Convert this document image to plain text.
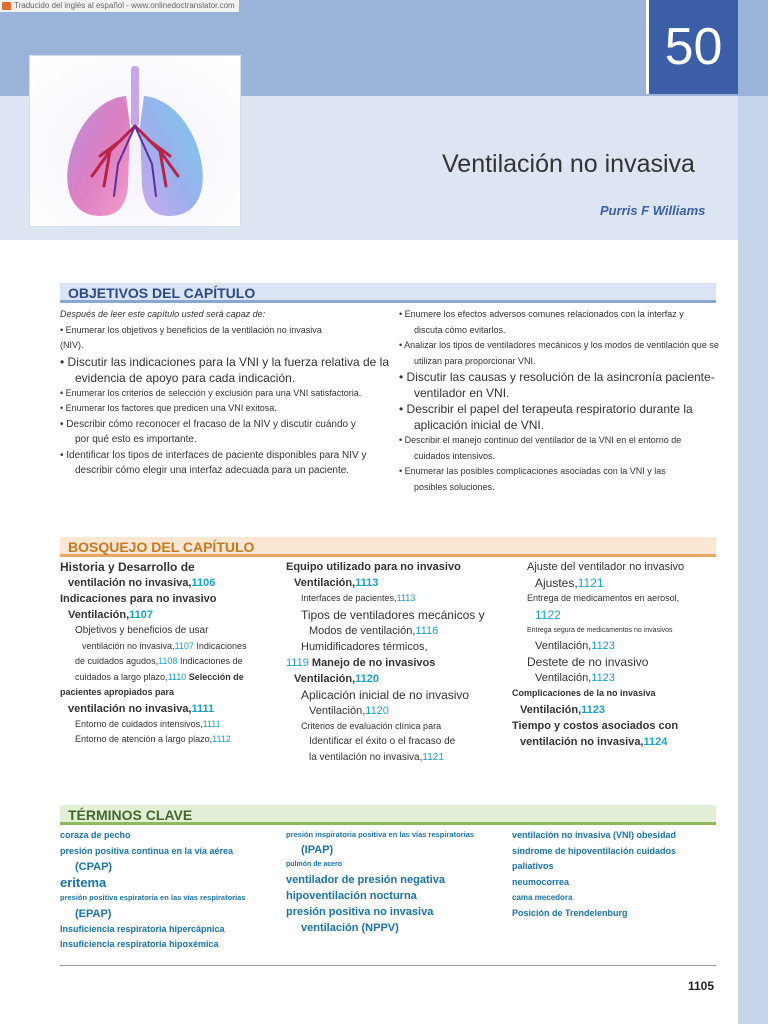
Traducido del inglés al español - www.onlinedoctranslator.com
50
Ventilación no invasiva
Purris F Williams
OBJETIVOS DEL CAPÍTULO
Después de leer este capítulo usted será capaz de:
• Enumerar los objetivos y beneficios de la ventilación no invasiva
(NIV).
• Discutir las indicaciones para la VNI y la fuerza relativa de la
evidencia de apoyo para cada indicación.
• Enumerar los criterios de selección y exclusión para una VNI satisfactoria.
• Enumerar los factores que predicen una VNI exitosa.
• Describir cómo reconocer el fracaso de la NIV y discutir cuándo y
por qué esto es importante.
• Identificar los tipos de interfaces de paciente disponibles para NIV y
describir cómo elegir una interfaz adecuada para un paciente.
• Enumere los efectos adversos comunes relacionados con la interfaz y
discuta cómo evitarlos.
• Analizar los tipos de ventiladores mecánicos y los modos de ventilación que se
utilizan para proporcionar VNI.
• Discutir las causas y resolución de la asincronía paciente-
ventilador en VNI.
• Describir el papel del terapeuta respiratorio durante la
aplicación inicial de VNI.
• Describir el manejo continuo del ventilador de la VNI en el entorno de
cuidados intensivos.
• Enumerar las posibles complicaciones asociadas con la VNI y las
posibles soluciones.
BOSQUEJO DEL CAPÍTULO
Historia y Desarrollo de
ventilación no invasiva,1106
Indicaciones para no invasivo
Ventilación,1107
Objetivos y beneficios de usar
ventilación no invasiva,1107 Indicaciones
de cuidados agudos,1108 Indicaciones de
cuidados a largo plazo,1110 Selección de
pacientes apropiados para
ventilación no invasiva,1111
Entorno de cuidados intensivos,1111
Entorno de atención a largo plazo,1112
Equipo utilizado para no invasivo
Ventilación,1113
Interfaces de pacientes,1113
Tipos de ventiladores mecánicos y
Modos de ventilación,1116
Humidificadores térmicos,
1119 Manejo de no invasivos
Ventilación,1120
Aplicación inicial de no invasivo
Ventilación,1120
Criterios de evaluación clínica para
Identificar el éxito o el fracaso de
la ventilación no invasiva,1121
Ajuste del ventilador no invasivo
Ajustes,1121
Entrega de medicamentos en aerosol,
1122
Entrega segura de medicamentos no invasivos
Ventilación,1123
Destete de no invasivo
Ventilación,1123
Complicaciones de la no invasiva
Ventilación,1123
Tiempo y costos asociados con
ventilación no invasiva,1124
TÉRMINOS CLAVE
coraza de pecho
presión positiva continua en la vía aérea
(CPAP)
eritema
presión positiva espiratoria en las vías respiratorias
(EPAP)
Insuficiencia respiratoria hipercápnica
Insuficiencia respiratoria hipoxémica
presión inspiratoria positiva en las vías respiratorias
(IPAP)
pulmón de acero
ventilador de presión negativa
hipoventilación nocturna
presión positiva no invasiva
ventilación (NPPV)
ventilación no invasiva (VNI) obesidad
síndrome de hipoventilación cuidados
paliativos
neumocorrea
cama mecedora
Posición de Trendelenburg
1105
